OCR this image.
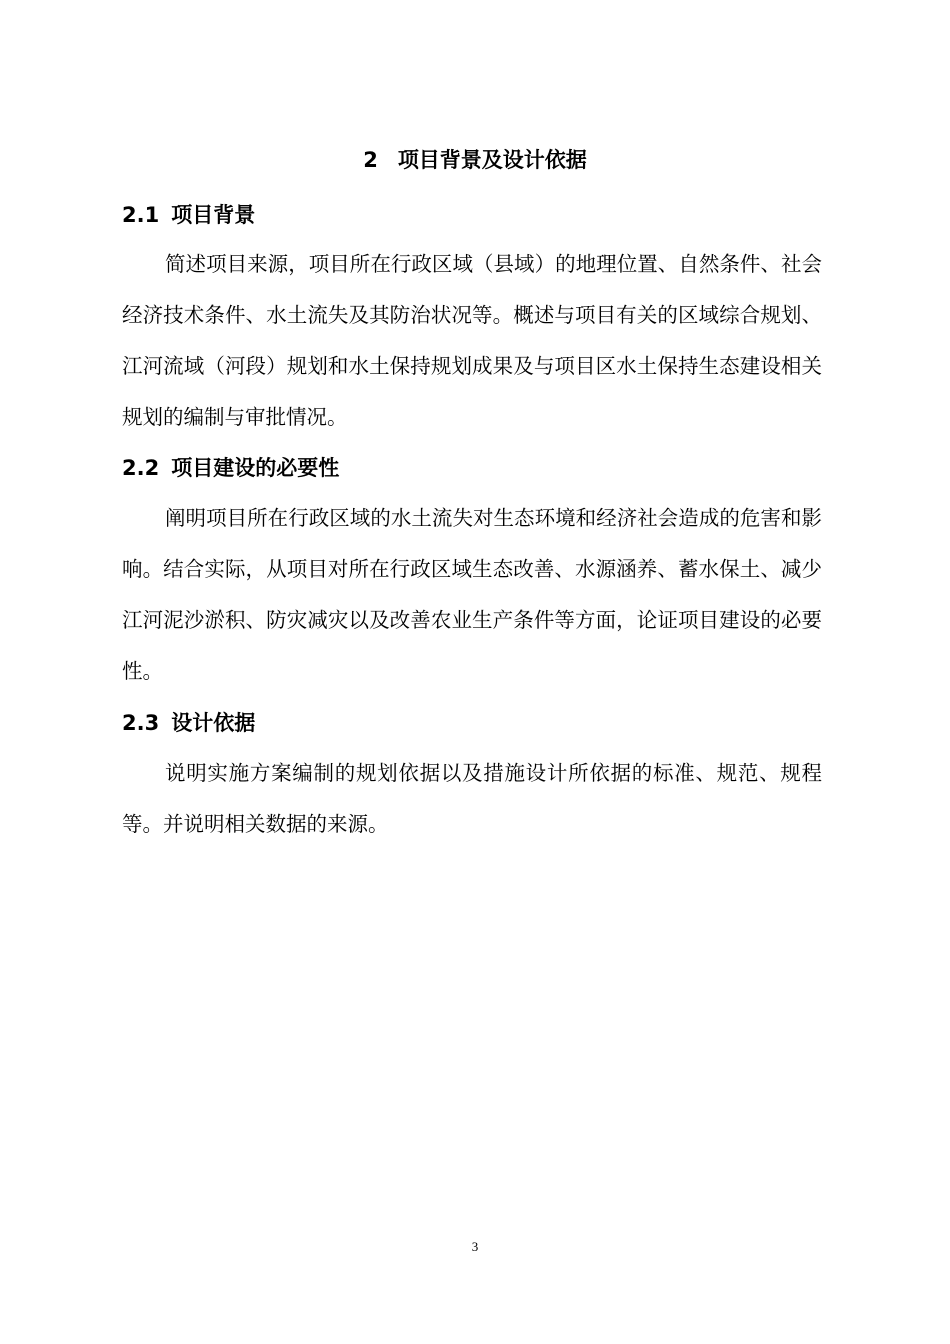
2 项目背景及设计依据
2.1 项目背景
简述项目来源，项目所在行政区域（县域）的地理位置、自然条件、社会经济技术条件、水土流失及其防治状况等。概述与项目有关的区域综合规划、江河流域（河段）规划和水土保持规划成果及与项目区水土保持生态建设相关规划的编制与审批情况。
2.2 项目建设的必要性
阐明项目所在行政区域的水土流失对生态环境和经济社会造成的危害和影响。结合实际，从项目对所在行政区域生态改善、水源涵养、蓄水保土、减少江河泥沙淤积、防灾减灾以及改善农业生产条件等方面，论证项目建设的必要性。
2.3 设计依据
说明实施方案编制的规划依据以及措施设计所依据的标准、规范、规程等。并说明相关数据的来源。
3
